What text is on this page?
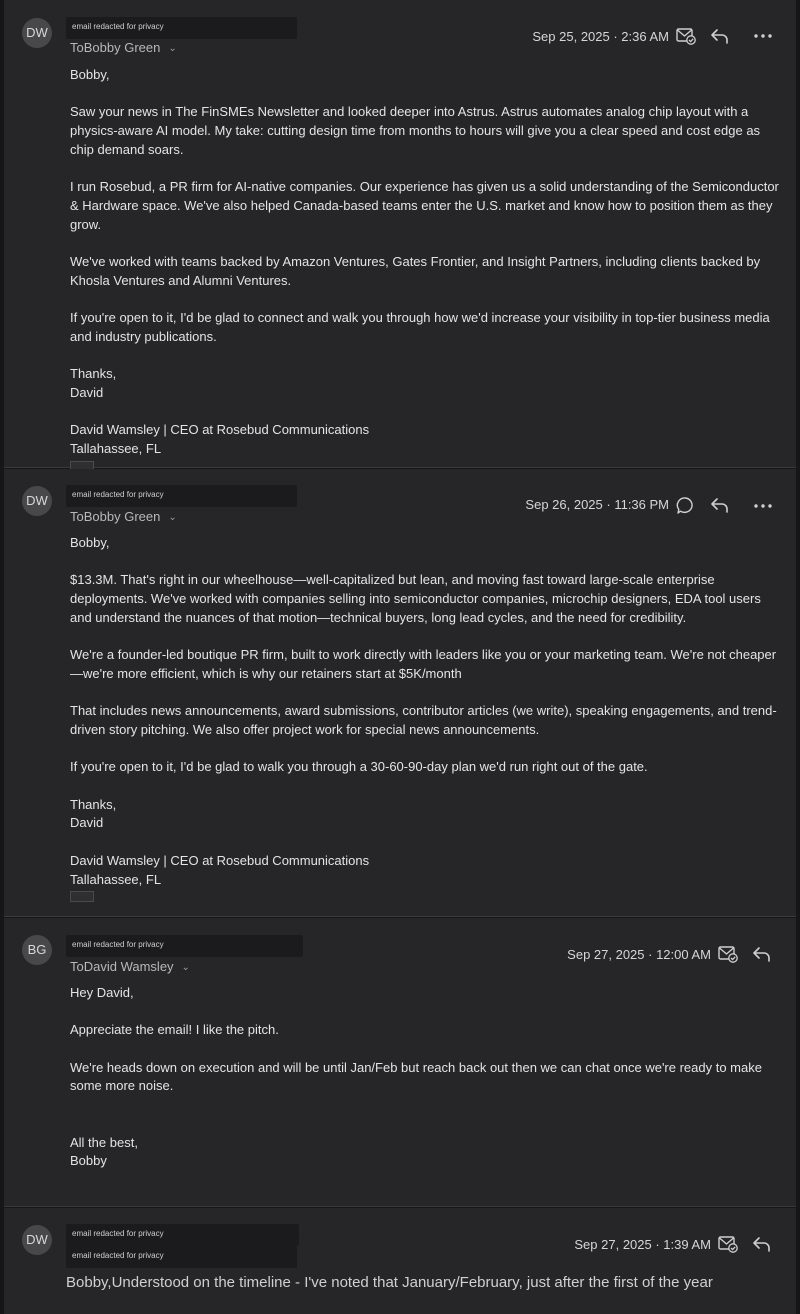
DW	email redacted for privacy
ToBobby Green ⌄
Sep 25, 2025 · 2:36 AM

Bobby,

Saw your news in The FinSMEs Newsletter and looked deeper into Astrus. Astrus automates analog chip layout with a physics-aware AI model. My take: cutting design time from months to hours will give you a clear speed and cost edge as chip demand soars.

I run Rosebud, a PR firm for AI-native companies. Our experience has given us a solid understanding of the Semiconductor & Hardware space. We've also helped Canada-based teams enter the U.S. market and know how to position them as they grow.

We've worked with teams backed by Amazon Ventures, Gates Frontier, and Insight Partners, including clients backed by Khosla Ventures and Alumni Ventures.

If you're open to it, I'd be glad to connect and walk you through how we'd increase your visibility in top-tier business media and industry publications.

Thanks,

David

David Wamsley | CEO at Rosebud Communications

Tallahassee, FL

DW	email redacted for privacy
ToBobby Green ⌄
Sep 26, 2025 · 11:36 PM

Bobby,

$13.3M. That's right in our wheelhouse—well-capitalized but lean, and moving fast toward large-scale enterprise deployments. We've worked with companies selling into semiconductor companies, microchip designers, EDA tool users and understand the nuances of that motion—technical buyers, long lead cycles, and the need for credibility.

We're a founder-led boutique PR firm, built to work directly with leaders like you or your marketing team. We're not cheaper—we're more efficient, which is why our retainers start at $5K/month

That includes news announcements, award submissions, contributor articles (we write), speaking engagements, and trend-driven story pitching. We also offer project work for special news announcements.

If you're open to it, I'd be glad to walk you through a 30-60-90-day plan we'd run right out of the gate.

Thanks,

David

David Wamsley | CEO at Rosebud Communications

Tallahassee, FL

BG	email redacted for privacy
ToDavid Wamsley ⌄
Sep 27, 2025 · 12:00 AM

Hey David,

Appreciate the email! I like the pitch.

We're heads down on execution and will be until Jan/Feb but reach back out then we can chat once we're ready to make some more noise.

All the best,

Bobby

DW	email redacted for privacy
email redacted for privacy
Sep 27, 2025 · 1:39 AM
Bobby,Understood on the timeline - I've noted that January/February, just after the first of the year
